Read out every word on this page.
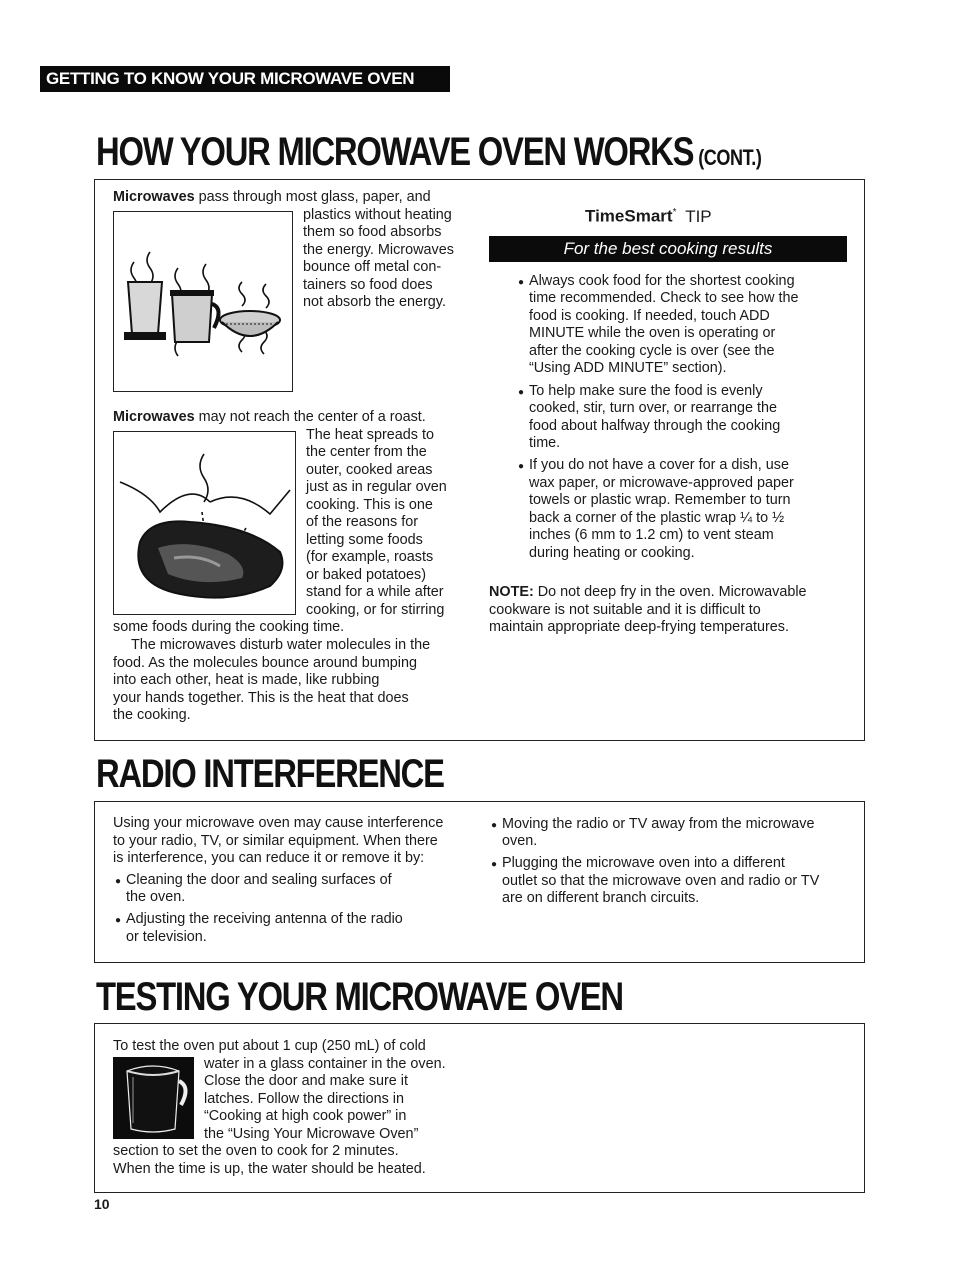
GETTING TO KNOW YOUR MICROWAVE OVEN
HOW YOUR MICROWAVE OVEN WORKS (CONT.)
Microwaves pass through most glass, paper, and
plastics without heating
them so food absorbs
the energy. Microwaves
bounce off metal con-
tainers so food does
not absorb the energy.
Microwaves may not reach the center of a roast.
The heat spreads to
the center from the
outer, cooked areas
just as in regular oven
cooking. This is one
of the reasons for
letting some foods
(for example, roasts
or baked potatoes)
stand for a while after
cooking, or for stirring
some foods during the cooking time.
The microwaves disturb water molecules in the
food. As the molecules bounce around bumping
into each other, heat is made, like rubbing
your hands together. This is the heat that does
the cooking.
TimeSmart* TIP
For the best cooking results
Always cook food for the shortest cooking
time recommended. Check to see how the
food is cooking. If needed, touch ADD
MINUTE while the oven is operating or
after the cooking cycle is over (see the
“Using ADD MINUTE” section).
To help make sure the food is evenly
cooked, stir, turn over, or rearrange the
food about halfway through the cooking
time.
If you do not have a cover for a dish, use
wax paper, or microwave-approved paper
towels or plastic wrap. Remember to turn
back a corner of the plastic wrap ¼ to ½
inches (6 mm to 1.2 cm) to vent steam
during heating or cooking.
NOTE: Do not deep fry in the oven. Microwavable
cookware is not suitable and it is difficult to
maintain appropriate deep-frying temperatures.
RADIO INTERFERENCE
Using your microwave oven may cause interference
to your radio, TV, or similar equipment. When there
is interference, you can reduce it or remove it by:
Cleaning the door and sealing surfaces of
the oven.
Adjusting the receiving antenna of the radio
or television.
Moving the radio or TV away from the microwave
oven.
Plugging the microwave oven into a different
outlet so that the microwave oven and radio or TV
are on different branch circuits.
TESTING YOUR MICROWAVE OVEN
To test the oven put about 1 cup (250 mL) of cold
water in a glass container in the oven.
Close the door and make sure it
latches. Follow the directions in
“Cooking at high cook power” in
the “Using Your Microwave Oven”
section to set the oven to cook for 2 minutes.
When the time is up, the water should be heated.
10
